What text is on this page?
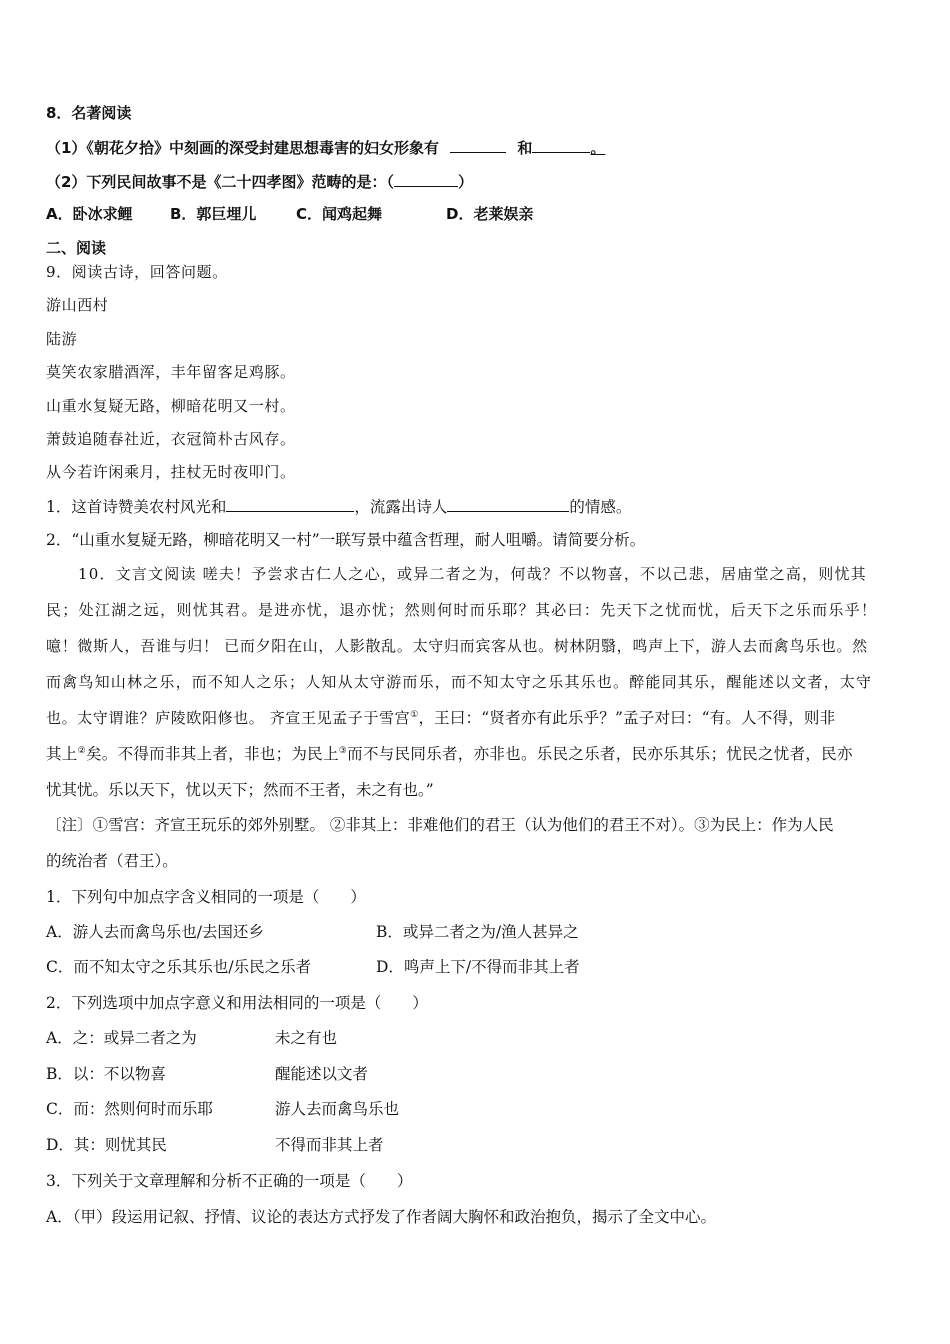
8．名著阅读
（1）《朝花夕拾》中刻画的深受封建思想毒害的妇女形象有	和	。
（2）下列民间故事不是《二十四孝图》范畴的是：（	）
A．卧冰求鲤 B．郭巨埋儿	C．闻鸡起舞	D．老莱娱亲
二、阅读
9．阅读古诗，回答问题。
游山西村
陆游
莫笑农家腊酒浑，丰年留客足鸡豚。
山重水复疑无路，柳暗花明又一村。
萧鼓追随春社近，衣冠简朴古风存。
从今若许闲乘月，拄杖无时夜叩门。
1．这首诗赞美农村风光和	，流露出诗人	的情感。
2．“山重水复疑无路，柳暗花明又一村”一联写景中蕴含哲理，耐人咀嚼。请简要分析。
10．文言文阅读 嗟夫！予尝求古仁人之心，或异二者之为，何哉？不以物喜，不以己悲，居庙堂之高，则忧其
民；处江湖之远，则忧其君。是进亦忧，退亦忧；然则何时而乐耶？其必曰：先天下之忧而忧，后天下之乐而乐乎！
噫！微斯人，吾谁与归！ 已而夕阳在山，人影散乱。太守归而宾客从也。树林阴翳，鸣声上下，游人去而禽鸟乐也。然
而禽鸟知山林之乐，而不知人之乐；人知从太守游而乐，而不知太守之乐其乐也。醉能同其乐，醒能述以文者，太守
也。太守谓谁？庐陵欧阳修也。 齐宣王见孟子于雪宫①，王曰：“贤者亦有此乐乎？”孟子对曰：“有。人不得，则非
其上②矣。不得而非其上者，非也；为民上③而不与民同乐者，亦非也。乐民之乐者，民亦乐其乐；忧民之忧者，民亦
忧其忧。乐以天下，忧以天下；然而不王者，未之有也。”
〔注〕①雪宫：齐宣王玩乐的郊外别墅。 ②非其上：非难他们的君王（认为他们的君王不对）。③为民上：作为人民
的统治者（君王）。
1．下列句中加点字含义相同的一项是（　　）
A．游人去而禽鸟乐也/去国还乡	B．或异二者之为/渔人甚异之
C．而不知太守之乐其乐也/乐民之乐者	D．鸣声上下/不得而非其上者
2．下列选项中加点字意义和用法相同的一项是（　　）
A．之：或异二者之为	未之有也
B．以：不以物喜	醒能述以文者
C．而：然则何时而乐耶	游人去而禽鸟乐也
D．其：则忧其民	不得而非其上者
3．下列关于文章理解和分析不正确的一项是（　　）
A．（甲）段运用记叙、抒情、议论的表达方式抒发了作者阔大胸怀和政治抱负，揭示了全文中心。
